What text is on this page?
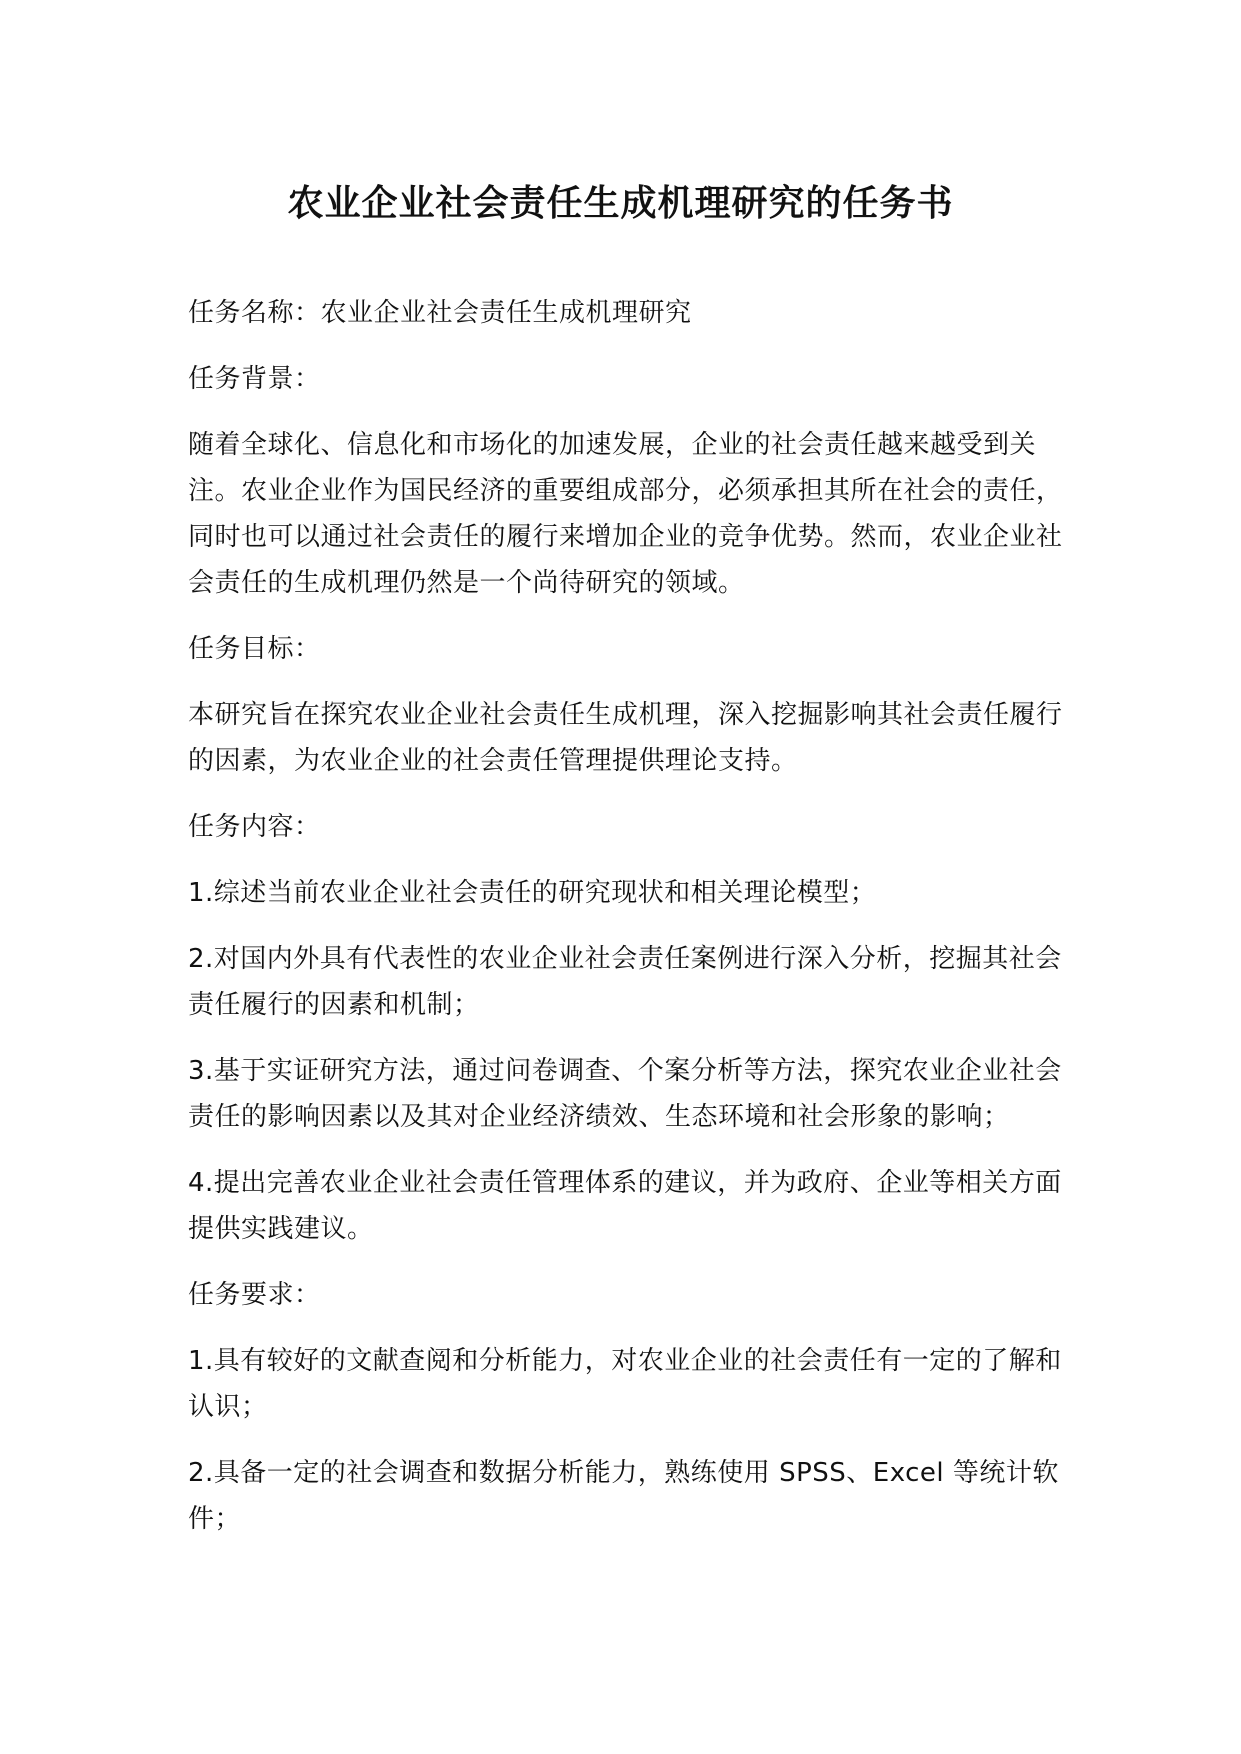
农业企业社会责任生成机理研究的任务书

任务名称：农业企业社会责任生成机理研究

任务背景：

随着全球化、信息化和市场化的加速发展，企业的社会责任越来越受到关注。农业企业作为国民经济的重要组成部分，必须承担其所在社会的责任，同时也可以通过社会责任的履行来增加企业的竞争优势。然而，农业企业社会责任的生成机理仍然是一个尚待研究的领域。

任务目标：

本研究旨在探究农业企业社会责任生成机理，深入挖掘影响其社会责任履行的因素，为农业企业的社会责任管理提供理论支持。

任务内容：

1.综述当前农业企业社会责任的研究现状和相关理论模型；

2.对国内外具有代表性的农业企业社会责任案例进行深入分析，挖掘其社会责任履行的因素和机制；

3.基于实证研究方法，通过问卷调查、个案分析等方法，探究农业企业社会责任的影响因素以及其对企业经济绩效、生态环境和社会形象的影响；

4.提出完善农业企业社会责任管理体系的建议，并为政府、企业等相关方面提供实践建议。

任务要求：

1.具有较好的文献查阅和分析能力，对农业企业的社会责任有一定的了解和认识；

2.具备一定的社会调查和数据分析能力，熟练使用 SPSS、Excel 等统计软件；
